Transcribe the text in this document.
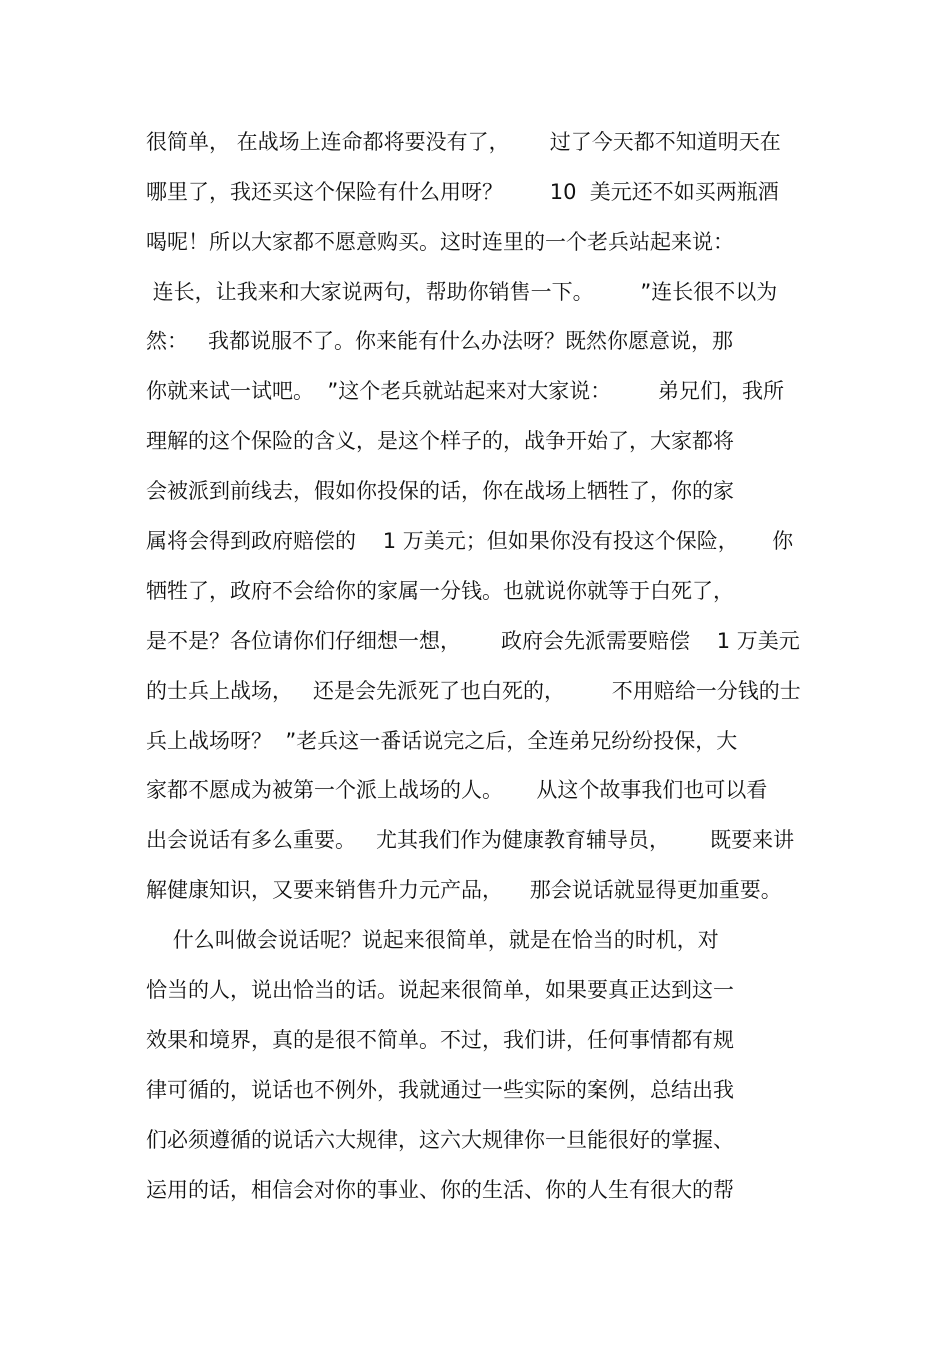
很简单， 在战场上连命都将要没有了，      过了今天都不知道明天在

哪里了，我还买这个保险有什么用呀？       10  美元还不如买两瓶酒

喝呢！所以大家都不愿意购买。这时连里的一个老兵站起来说：

连长，让我来和大家说两句，帮助你销售一下。       ”连长很不以为

然：   我都说服不了。你来能有什么办法呀？既然你愿意说，那

你就来试一试吧。  ”这个老兵就站起来对大家说：       弟兄们，我所

理解的这个保险的含义，是这个样子的，战争开始了，大家都将

会被派到前线去，假如你投保的话，你在战场上牺牲了，你的家

属将会得到政府赔偿的    1 万美元；但如果你没有投这个保险，     你

牺牲了，政府不会给你的家属一分钱。也就说你就等于白死了，

是不是？各位请你们仔细想一想，      政府会先派需要赔偿    1 万美元

的士兵上战场，   还是会先派死了也白死的，       不用赔给一分钱的士

兵上战场呀？  ”老兵这一番话说完之后，全连弟兄纷纷投保，大

家都不愿成为被第一个派上战场的人。     从这个故事我们也可以看

出会说话有多么重要。   尤其我们作为健康教育辅导员，      既要来讲

解健康知识，又要来销售升力元产品，    那会说话就显得更加重要。

什么叫做会说话呢？说起来很简单，就是在恰当的时机，对

恰当的人，说出恰当的话。说起来很简单，如果要真正达到这一

效果和境界，真的是很不简单。不过，我们讲，任何事情都有规

律可循的，说话也不例外，我就通过一些实际的案例，总结出我

们必须遵循的说话六大规律，这六大规律你一旦能很好的掌握、

运用的话，相信会对你的事业、你的生活、你的人生有很大的帮
